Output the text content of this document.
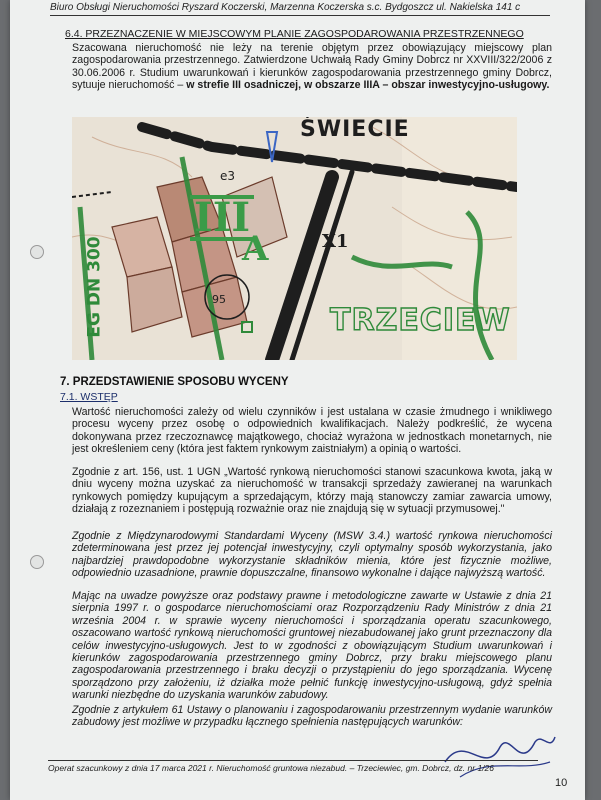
Biuro Obsługi Nieruchomości Ryszard Koczerski, Marzenna Koczerska s.c. Bydgoszcz ul. Nakielska 141 c
6.4. PRZEZNACZENIE W MIEJSCOWYM PLANIE ZAGOSPODAROWANIA PRZESTRZENNEGO
Szacowana nieruchomość nie leży na terenie objętym przez obowiązujący miejscowy plan zagospodarowania przestrzennego. Zatwierdzone Uchwałą Rady Gminy Dobrcz nr XXVIII/322/2006 z 30.06.2006 r. Studium uwarunkowań i kierunków zagospodarowania przestrzennego gminy Dobrcz, sytuuje nieruchomość – w strefie III osadniczej, w obszarze IIIA – obszar inwestycyjno-usługowy.
ŚWIECIE
TRZECIEW
III
A	X1
EG DN 300
e3
95
7. PRZEDSTAWIENIE SPOSOBU WYCENY
7.1. WSTĘP
Wartość nieruchomości zależy od wielu czynników i jest ustalana w czasie żmudnego i wnikliwego procesu wyceny przez osobę o odpowiednich kwalifikacjach. Należy podkreślić, że wycena dokonywana przez rzeczoznawcę majątkowego, chociaż wyrażona w jednostkach monetarnych, nie jest określeniem ceny (która jest faktem rynkowym zaistniałym) a opinią o wartości.
Zgodnie z art. 156, ust. 1 UGN „Wartość rynkową nieruchomości stanowi szacunkowa kwota, jaką w dniu wyceny można uzyskać za nieruchomość w transakcji sprzedaży zawieranej na warunkach rynkowych pomiędzy kupującym a sprzedającym, którzy mają stanowczy zamiar zawarcia umowy, działają z rozeznaniem i postępują rozważnie oraz nie znajdują się w sytuacji przymusowej."
Zgodnie z Międzynarodowymi Standardami Wyceny (MSW 3.4.) wartość rynkowa nieruchomości zdeterminowana jest przez jej potencjał inwestycyjny, czyli optymalny sposób wykorzystania, jako najbardziej prawdopodobne wykorzystanie składników mienia, które jest fizycznie możliwe, odpowiednio uzasadnione, prawnie dopuszczalne, finansowo wykonalne i dające najwyższą wartość.
Mając na uwadze powyższe oraz podstawy prawne i metodologiczne zawarte w Ustawie z dnia 21 sierpnia 1997 r. o gospodarce nieruchomościami oraz Rozporządzeniu Rady Ministrów z dnia 21 września 2004 r. w sprawie wyceny nieruchomości i sporządzania operatu szacunkowego, oszacowano wartość rynkową nieruchomości gruntowej niezabudowanej jako grunt przeznaczony dla celów inwestycyjno-usługowych. Jest to w zgodności z obowiązującym Studium uwarunkowań i kierunków zagospodarowania przestrzennego gminy Dobrcz, przy braku miejscowego planu zagospodarowania przestrzennego i braku decyzji o przystąpieniu do jego sporządzania. Wycenę sporządzono przy założeniu, iż działka może pełnić funkcję inwestycyjno-usługową, gdyż spełnia warunki niezbędne do uzyskania warunków zabudowy.
Zgodnie z artykułem 61 Ustawy o planowaniu i zagospodarowaniu przestrzennym wydanie warunków zabudowy jest możliwe w przypadku łącznego spełnienia następujących warunków:
Operat szacunkowy z dnia 17 marca 2021 r. Nieruchomość gruntowa niezabud. – Trzeciewiec, gm. Dobrcz, dz. nr 1/26
10
